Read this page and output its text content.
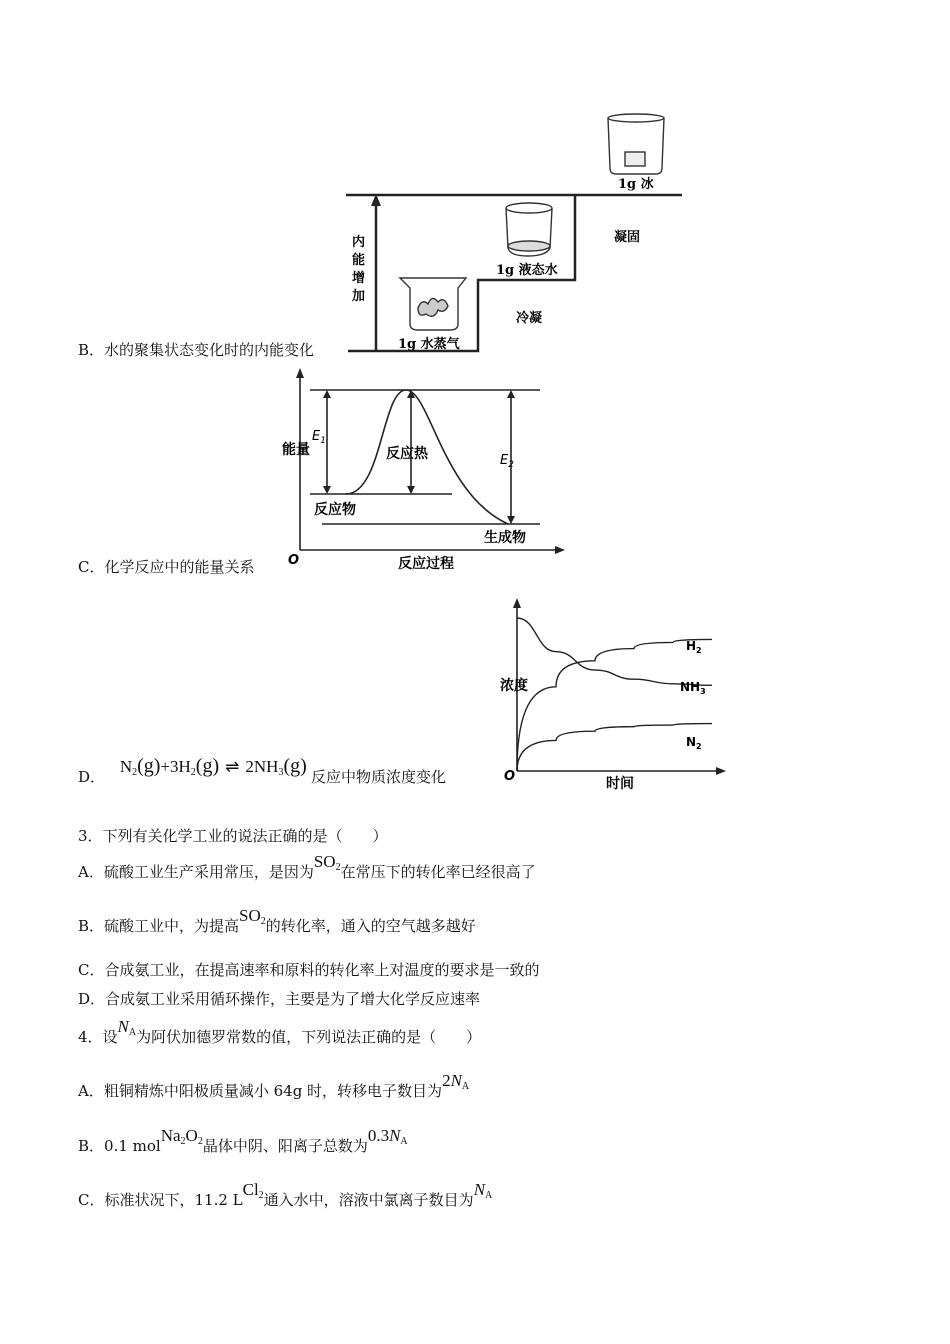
1g 冰
1g 液态水
1g 水蒸气
凝固
冷凝
内
能
增
加
B．水的聚集状态变化时的内能变化
$E_1$
$E_2$
反应热
反应物
生成物
O	反应过程
能量
C．化学反应中的能量关系
O	时间
浓度
$H_2$
$NH_3$
$N_2$
D． $N_2(g)+3H_2(g)$ ⇌ $2NH_3(g)$ 反应中物质浓度变化
3．下列有关化学工业的说法正确的是（　　）
A．硫酸工业生产采用常压，是因为$SO_2$在常压下的转化率已经很高了
B．硫酸工业中，为提高$SO_2$的转化率，通入的空气越多越好
C．合成氨工业，在提高速率和原料的转化率上对温度的要求是一致的
D．合成氨工业采用循环操作，主要是为了增大化学反应速率
4．设$N_A$为阿伏加德罗常数的值，下列说法正确的是（　　）
A．粗铜精炼中阳极质量减小 64g 时，转移电子数目为$2N_A$
B．0.1 $molNa_2O_2$晶体中阴、阳离子总数为$0.3N_A$
C．标准状况下，11.2 LCl$_2$通入水中，溶液中氯离子数目为$N_A$
